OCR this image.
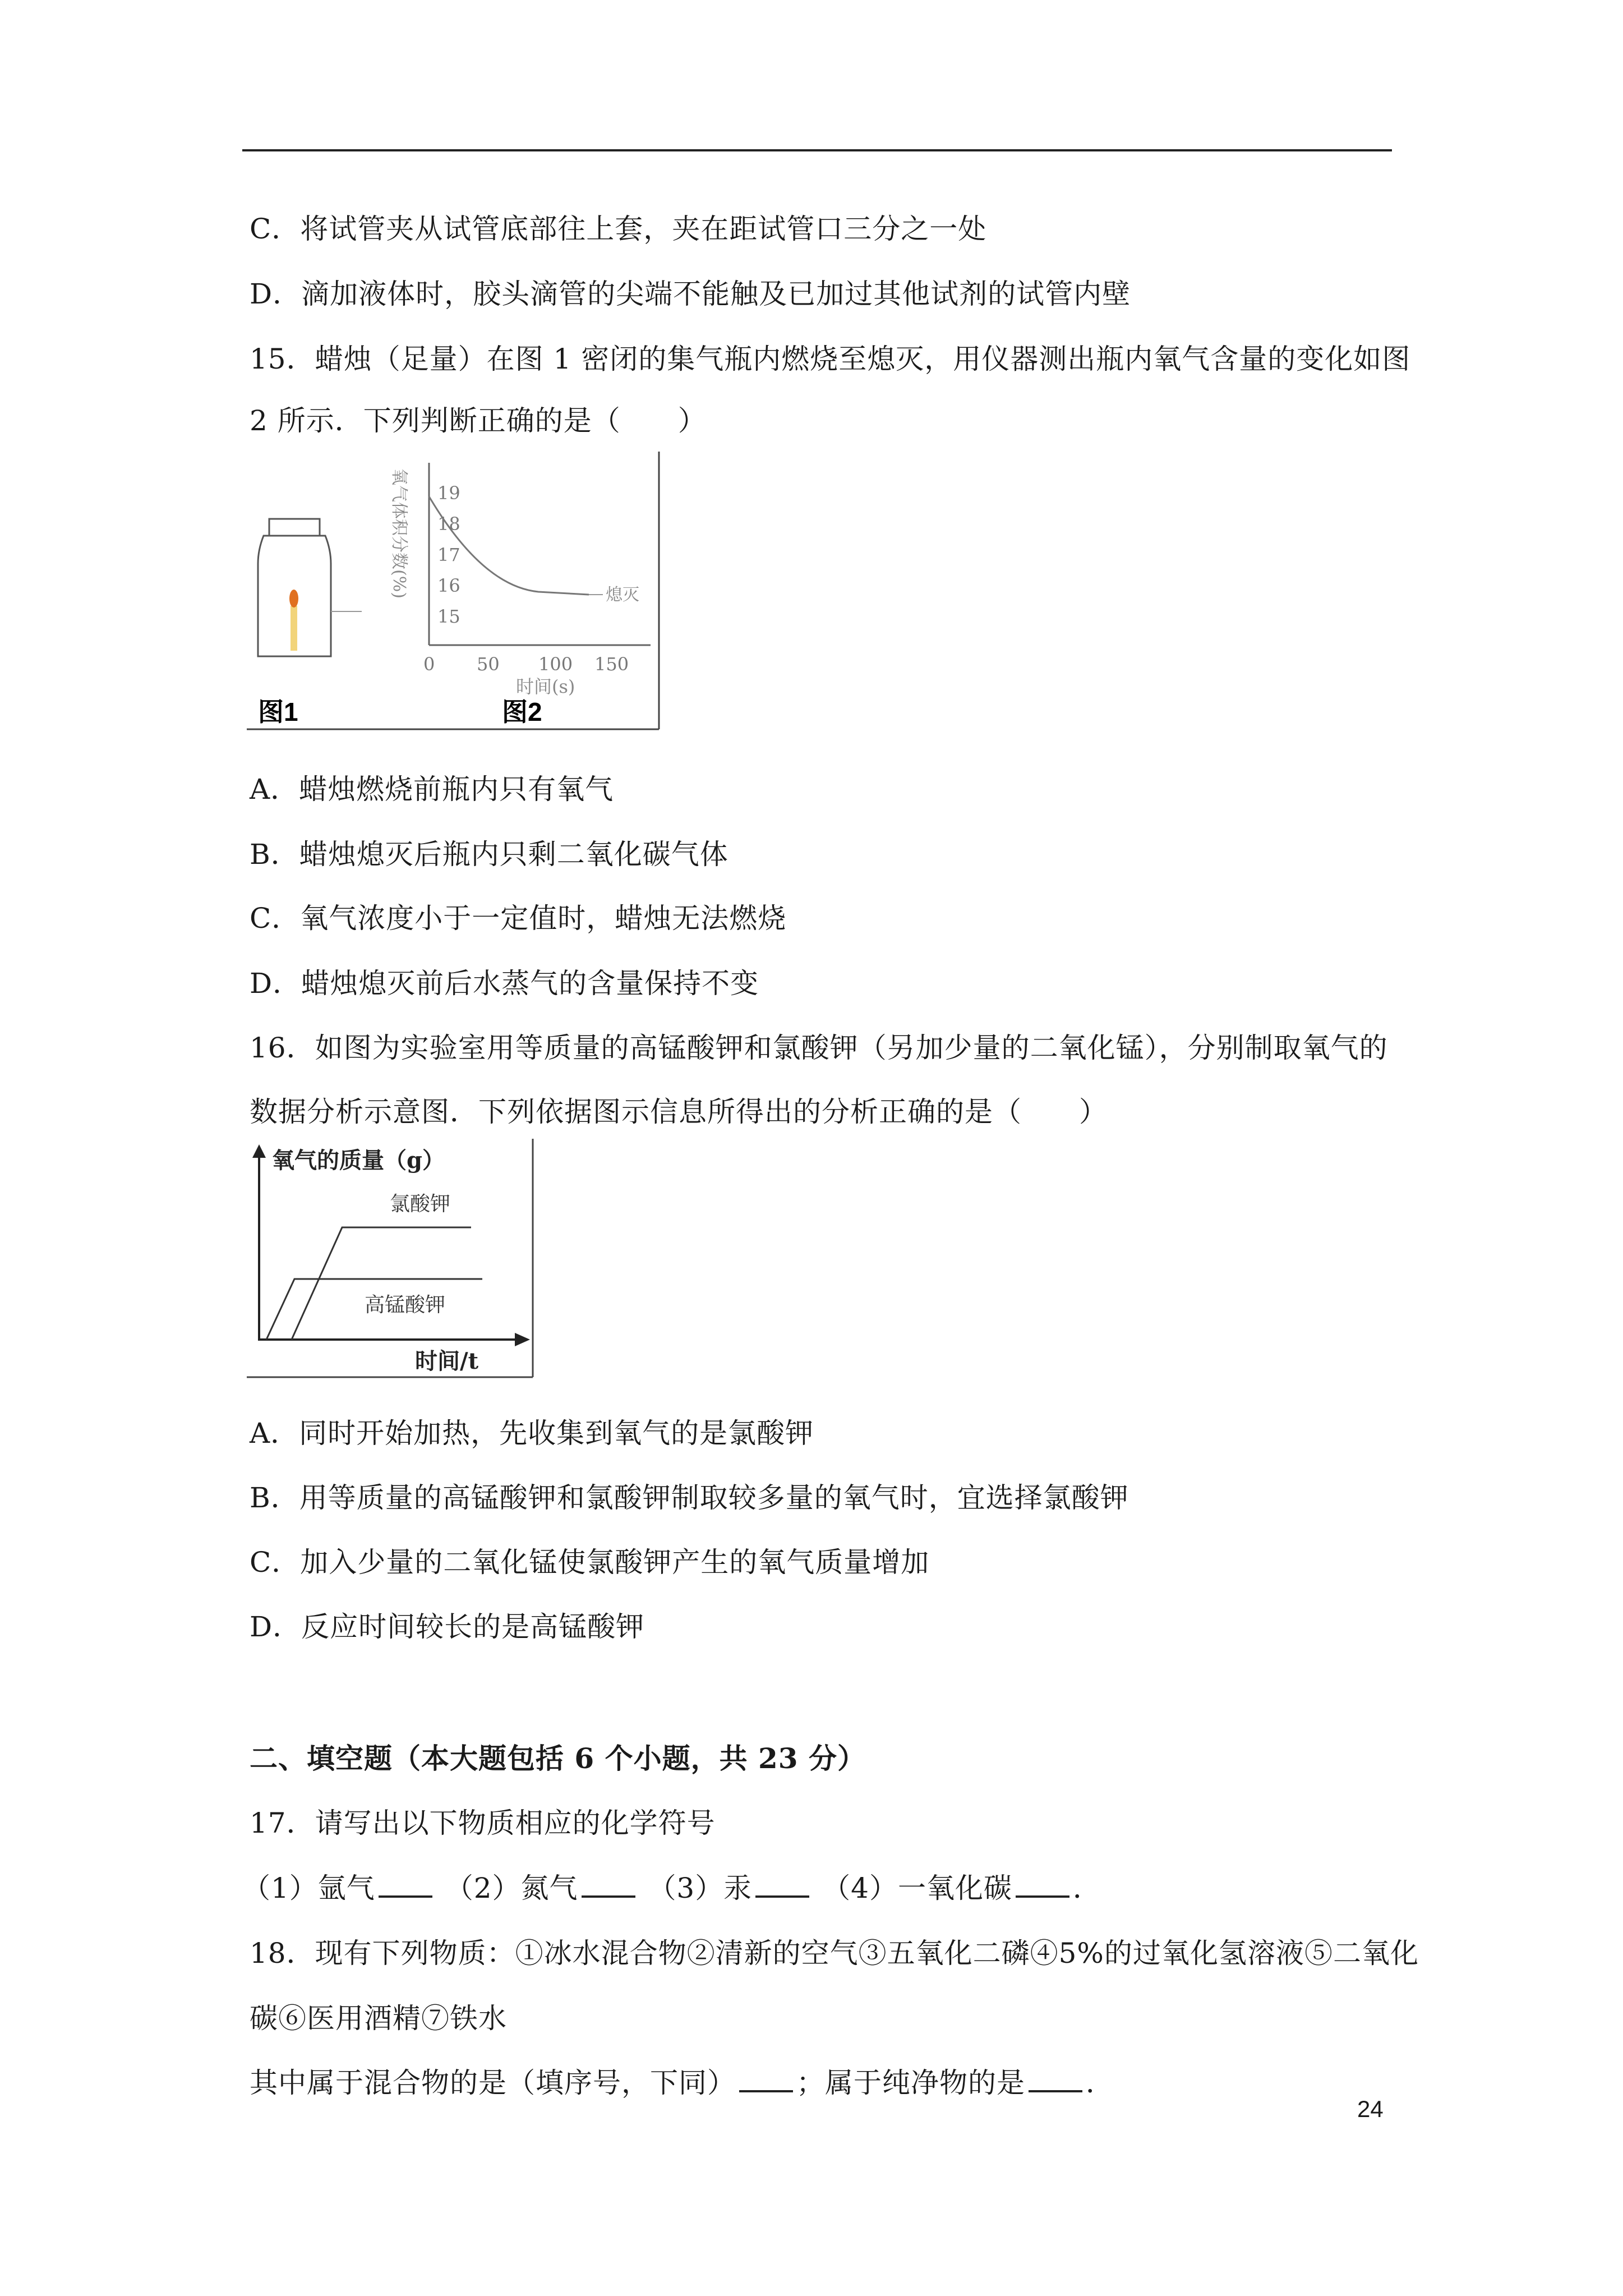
C．将试管夹从试管底部往上套，夹在距试管口三分之一处
D．滴加液体时，胶头滴管的尖端不能触及已加过其他试剂的试管内壁
15．蜡烛（足量）在图 1 密闭的集气瓶内燃烧至熄灭，用仪器测出瓶内氧气含量的变化如图
2 所示．下列判断正确的是（　　）
19
18
17
16
15
0 50 100 150
时间(s)
熄灭
氧气体积分数(%)
图1	图2
A．蜡烛燃烧前瓶内只有氧气
B．蜡烛熄灭后瓶内只剩二氧化碳气体
C．氧气浓度小于一定值时，蜡烛无法燃烧
D．蜡烛熄灭前后水蒸气的含量保持不变
16．如图为实验室用等质量的高锰酸钾和氯酸钾（另加少量的二氧化锰），分别制取氧气的
数据分析示意图．下列依据图示信息所得出的分析正确的是（　　）
氧气的质量（g）
氯酸钾
高锰酸钾
时间/t
A．同时开始加热，先收集到氧气的是氯酸钾
B．用等质量的高锰酸钾和氯酸钾制取较多量的氧气时，宜选择氯酸钾
C．加入少量的二氧化锰使氯酸钾产生的氧气质量增加
D．反应时间较长的是高锰酸钾
二、填空题（本大题包括 6 个小题，共 23 分）
17．请写出以下物质相应的化学符号
（1）氩气 （2）氮气 （3）汞 （4）一氧化碳 ．
18．现有下列物质：①冰水混合物②清新的空气③五氧化二磷④5%的过氧化氢溶液⑤二氧化
碳⑥医用酒精⑦铁水
其中属于混合物的是（填序号，下同） ；属于纯净物的是 ．
24
